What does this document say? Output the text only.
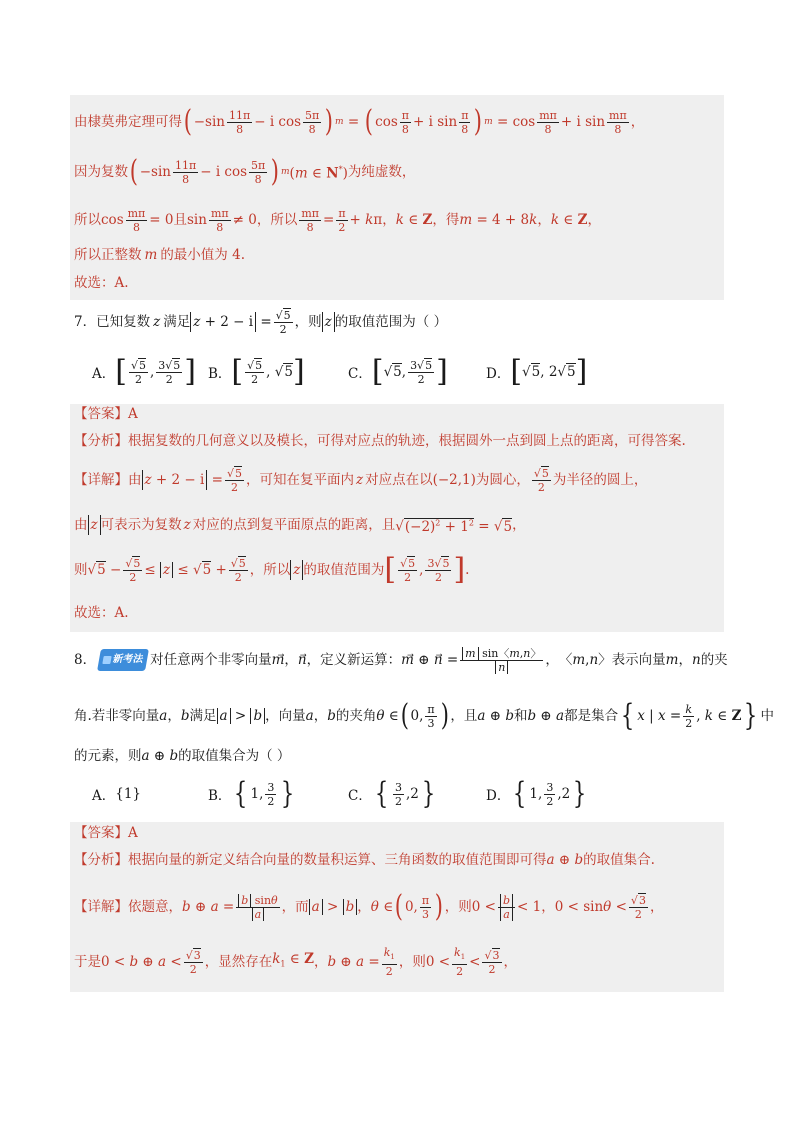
由棣莫弗定理可得 ( $-\sin \frac{11\pi}{8} - i$ $\cos \frac{5\pi}{8}$ ) m = ( $\cos \frac{\pi}{8} + i$ $\sin \frac{\pi}{8}$ ) $m = \cos \frac{m\pi}{8} + i$ $\sin \frac{m\pi}{8}$ ，
因为复数 ( $-\sin \frac{11\pi}{8} - i$ $\cos \frac{5\pi}{8}$ ) m (m ∈ N*) 为纯虚数，
所以 $\cos \frac{m\pi}{8} = 0$ 且 $\sin \frac{m\pi}{8} \ne 0$ ，所以 $\frac{m\pi}{8} = \frac{\pi}{2} + k\pi$ ， k ∈ Z ，得 m = 4 + 8k ， k ∈ Z ，
所以正整数 m 的最小值为 4.
故选：A.
7．已知复数 z 满足 $z + 2 - i = \frac{√5}{2}$ ，则 z 的取值范围为（ ）
A． [ $\frac{√5}{2}$ , $\frac{3√5}{2}$ ] B． [ $\frac{√5}{2}$ , √5 ]	C． [ √5, $\frac{3√5}{2}$ ]	D． [ √5, 2√5 ]
【答案】 A
【分析】 根据复数的几何意义以及模长，可得对应点的轨迹，根据圆外一点到圆上点的距离，可得答案.
【详解】 由 $z + 2 - i = \frac{√5}{2}$ ，可知在复平面内 z 对应点在以 (−2,1) 为圆心， $\frac{√5}{2}$ 为半径的圆上，
由 z 可表示为复数 z 对应的点到复平面原点的距离，且 $√(-2)^2 + 1^2 = √5$ ，
则 $√5 - \frac{√5}{2} \le z \le √5 + \frac{√5}{2}$ ，所以 z 的取值范围为 [ $\frac{√5}{2}$ , $\frac{3√5}{2}$ ] .
故选：A.
8． 新考法 对任意两个非零向量 m⃗，n ，定义新运算： m⃗ ⊕ n⃗ = $\frac{\text{m sin〈m,n〉}}{n}$ ， 〈m,n〉 表示向量 m，n 的夹
角.若非零向量 a，b 满足 a > b ，向量 a，b 的夹角 θ ∈ ( 0, $\frac{\pi}{3}$ ) ，且 a ⊕ b 和 b ⊕ a 都是集合 { x | $x = \frac{k}{2}$ , k ∈ Z } 中
的元素，则 a ⊕ b 的取值集合为（ ）
A． {1}	B． { 1, $\frac{3}{2}$ }	C． { $\frac{3}{2} ,2$ }	D． { 1, $\frac{3}{2} ,2$ }
【答案】 A
【分析】 根据向量的新定义结合向量的数量积运算、三角函数的取值范围即可得 a ⊕ b 的取值集合.
【详解】 依题意， b ⊕ $a = \frac{\text{b sinθ}}{a}$ ，而 a > b ， θ ∈ ( 0, $\frac{\pi}{3}$ ) ，则 $0 < \frac{b}{a} < 1$ ， $0 < \sin\theta < \frac{√3}{2}$ ，
于是 0 < b ⊕ $a < \frac{√3}{2}$ ，显然存在 $k_1$ ∈ Z ， b ⊕ $a = \frac{k_1}{2}$ ，则 $0 < \frac{k_1}{2} < \frac{√3}{2}$ ，
